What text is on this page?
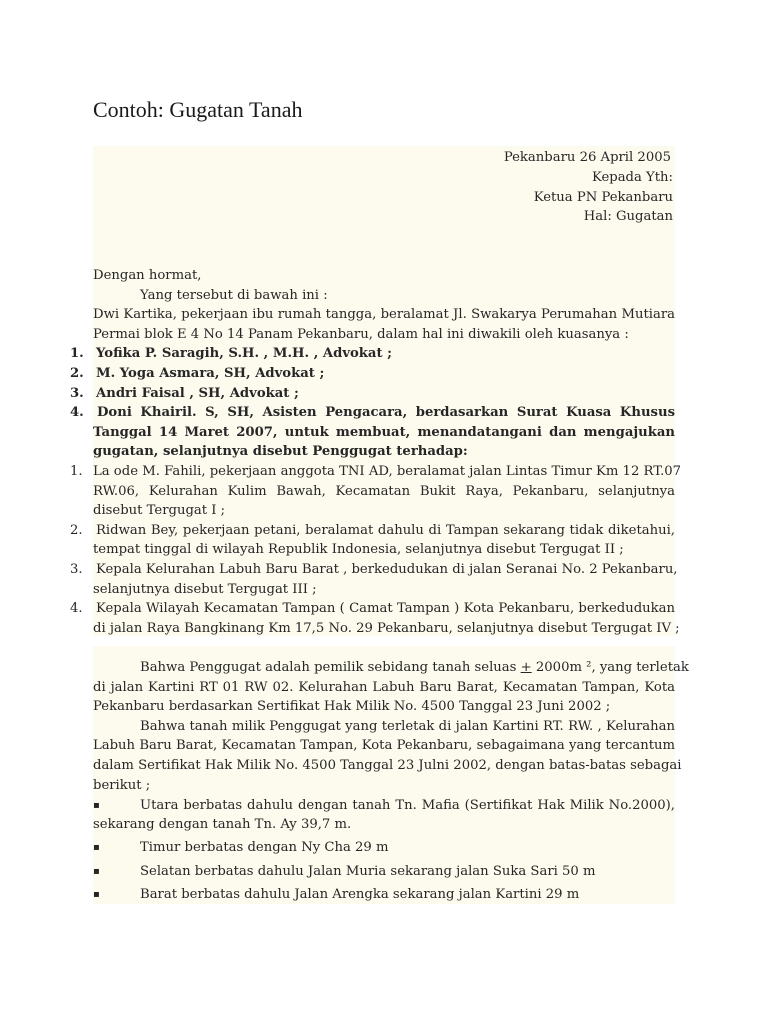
Contoh: Gugatan Tanah
Pekanbaru 26 April 2005
Kepada Yth:
Ketua PN Pekanbaru
Hal: Gugatan
Dengan hormat,
Yang tersebut di bawah ini :
Dwi Kartika, pekerjaan ibu rumah tangga, beralamat Jl. Swakarya Perumahan Mutiara
Permai blok E 4 No 14 Panam Pekanbaru, dalam hal ini diwakili oleh kuasanya :
1. Yofika P. Saragih, S.H. , M.H. , Advokat ;
2. M. Yoga Asmara, SH, Advokat ;
3. Andri Faisal , SH, Advokat ;
4. Doni Khairil. S, SH, Asisten Pengacara, berdasarkan Surat Kuasa Khusus
Tanggal 14 Maret 2007, untuk membuat, menandatangani dan mengajukan
gugatan, selanjutnya disebut Penggugat terhadap:
1. La ode M. Fahili, pekerjaan anggota TNI AD, beralamat jalan Lintas Timur Km 12 RT.07
RW.06, Kelurahan Kulim Bawah, Kecamatan Bukit Raya, Pekanbaru, selanjutnya
disebut Tergugat I ;
2. Ridwan Bey, pekerjaan petani, beralamat dahulu di Tampan sekarang tidak diketahui,
tempat tinggal di wilayah Republik Indonesia, selanjutnya disebut Tergugat II ;
3. Kepala Kelurahan Labuh Baru Barat , berkedudukan di jalan Seranai No. 2 Pekanbaru,
selanjutnya disebut Tergugat III ;
4. Kepala Wilayah Kecamatan Tampan ( Camat Tampan ) Kota Pekanbaru, berkedudukan
di jalan Raya Bangkinang Km 17,5 No. 29 Pekanbaru, selanjutnya disebut Tergugat IV ;
Bahwa Penggugat adalah pemilik sebidang tanah seluas + 2000m ², yang terletak
di jalan Kartini RT 01 RW 02. Kelurahan Labuh Baru Barat, Kecamatan Tampan, Kota
Pekanbaru berdasarkan Sertifikat Hak Milik No. 4500 Tanggal 23 Juni 2002 ;
Bahwa tanah milik Penggugat yang terletak di jalan Kartini RT. RW. , Kelurahan
Labuh Baru Barat, Kecamatan Tampan, Kota Pekanbaru, sebagaimana yang tercantum
dalam Sertifikat Hak Milik No. 4500 Tanggal 23 Julni 2002, dengan batas-batas sebagai
berikut ;
▪	Utara berbatas dahulu dengan tanah Tn. Mafia (Sertifikat Hak Milik No.2000),
sekarang dengan tanah Tn. Ay 39,7 m.
▪	Timur berbatas dengan Ny Cha 29 m
▪	Selatan berbatas dahulu Jalan Muria sekarang jalan Suka Sari 50 m
▪	Barat berbatas dahulu Jalan Arengka sekarang jalan Kartini 29 m
